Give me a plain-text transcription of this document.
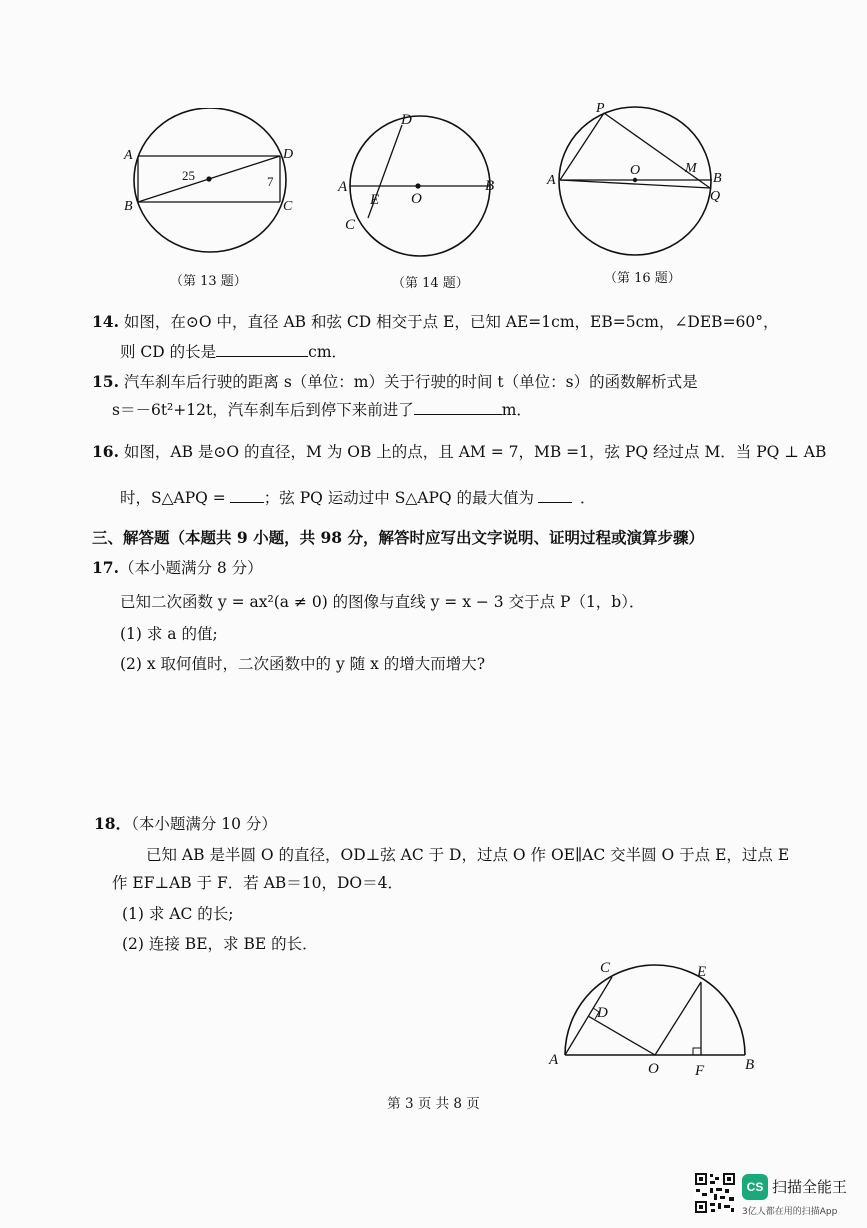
A
B	C
D
25	7
（第 13 题）
D
A	B
E O
C
（第 14 题）
P
A
O	M
B
Q
（第 16 题）
14. 如图，在⊙O 中，直径 AB 和弦 CD 相交于点 E，已知 AE=1cm，EB=5cm，∠DEB=60°，
则 CD 的长是	cm．
15. 汽车刹车后行驶的距离 s（单位：m）关于行驶的时间 t（单位：s）的函数解析式是
s＝－6t²+12t，汽车刹车后到停下来前进了	m．
16. 如图，AB 是⊙O 的直径，M 为 OB 上的点，且 AM = 7，MB =1，弦 PQ 经过点 M．当 PQ ⊥ AB
时，S△APQ = ；弦 PQ 运动过中 S△APQ 的最大值为	．
三、解答题（本题共 9 小题，共 98 分，解答时应写出文字说明、证明过程或演算步骤）
17.（本小题满分 8 分）
已知二次函数 y = ax²(a ≠ 0) 的图像与直线 y = x − 3 交于点 P（1，b）．
(1) 求 a 的值;
(2) x 取何值时，二次函数中的 y 随 x 的增大而增大?
18．（本小题满分 10 分）
已知 AB 是半圆 O 的直径，OD⊥弦 AC 于 D，过点 O 作 OE∥AC 交半圆 O 于点 E，过点 E
作 EF⊥AB 于 F．若 AB＝10，DO＝4．
(1) 求 AC 的长;
(2) 连接 BE，求 BE 的长．
C	E
D
A
O F	B
第 3 页 共 8 页
CS 扫描全能王
3亿人都在用的扫描App
